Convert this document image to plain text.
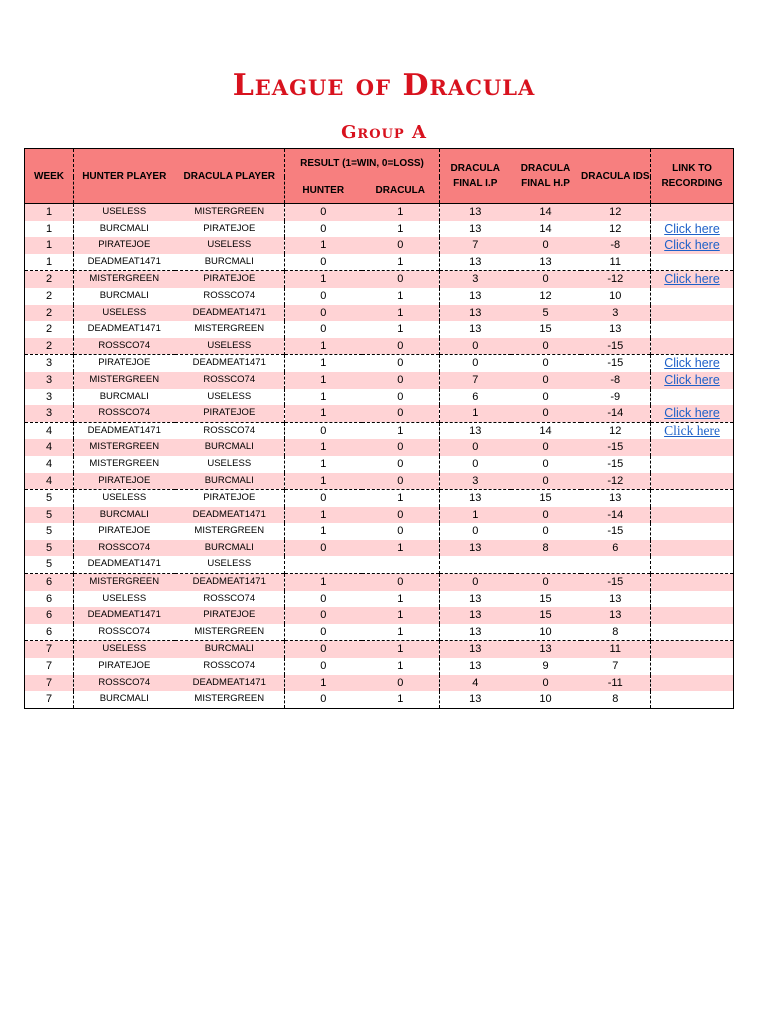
League of Dracula
Group A
WEEK	HUNTER PLAYER	DRACULA PLAYER	RESULT (1=WIN, 0=LOSS)		DRACULA FINAL I.P	DRACULA FINAL H.P	DRACULA IDS	LINK TO RECORDING
			HUNTER	DRACULA				
1	USELESS	MISTERGREEN	0	1	13	14	12	
1	BURCMALI	PIRATEJOE	0	1	13	14	12	Click here
1	PIRATEJOE	USELESS	1	0	7	0	-8	Click here
1	DEADMEAT1471	BURCMALI	0	1	13	13	11	
2	MISTERGREEN	PIRATEJOE	1	0	3	0	-12	Click here
2	BURCMALI	ROSSCO74	0	1	13	12	10	
2	USELESS	DEADMEAT1471	0	1	13	5	3	
2	DEADMEAT1471	MISTERGREEN	0	1	13	15	13	
2	ROSSCO74	USELESS	1	0	0	0	-15	
3	PIRATEJOE	DEADMEAT1471	1	0	0	0	-15	Click here
3	MISTERGREEN	ROSSCO74	1	0	7	0	-8	Click here
3	BURCMALI	USELESS	1	0	6	0	-9	
3	ROSSCO74	PIRATEJOE	1	0	1	0	-14	Click here
4	DEADMEAT1471	ROSSCO74	0	1	13	14	12	Click here
4	MISTERGREEN	BURCMALI	1	0	0	0	-15	
4	MISTERGREEN	USELESS	1	0	0	0	-15	
4	PIRATEJOE	BURCMALI	1	0	3	0	-12	
5	USELESS	PIRATEJOE	0	1	13	15	13	
5	BURCMALI	DEADMEAT1471	1	0	1	0	-14	
5	PIRATEJOE	MISTERGREEN	1	0	0	0	-15	
5	ROSSCO74	BURCMALI	0	1	13	8	6	
5	DEADMEAT1471	USELESS						
6	MISTERGREEN	DEADMEAT1471	1	0	0	0	-15	
6	USELESS	ROSSCO74	0	1	13	15	13	
6	DEADMEAT1471	PIRATEJOE	0	1	13	15	13	
6	ROSSCO74	MISTERGREEN	0	1	13	10	8	
7	USELESS	BURCMALI	0	1	13	13	11	
7	PIRATEJOE	ROSSCO74	0	1	13	9	7	
7	ROSSCO74	DEADMEAT1471	1	0	4	0	-11	
7	BURCMALI	MISTERGREEN	0	1	13	10	8	
